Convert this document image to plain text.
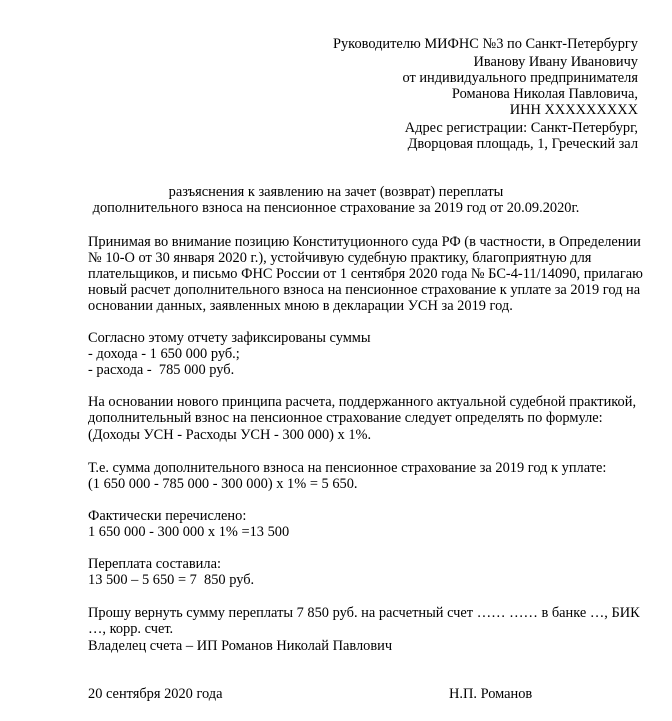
Руководителю МИФНС №3 по Санкт-Петербургу
Иванову Ивану Ивановичу
от индивидуального предпринимателя
Романова Николая Павловича,
ИНН XXXXXXXXX
Адрес регистрации: Санкт-Петербург,
Дворцовая площадь, 1, Греческий зал
разъяснения к заявлению на зачет (возврат) переплаты
дополнительного взноса на пенсионное страхование за 2019 год от 20.09.2020г.
Принимая во внимание позицию Конституционного суда РФ (в частности, в Определении
№ 10-О от 30 января 2020 г.), устойчивую судебную практику, благоприятную для
плательщиков, и письмо ФНС России от 1 сентября 2020 года № БС-4-11/14090, прилагаю
новый расчет дополнительного взноса на пенсионное страхование к уплате за 2019 год на
основании данных, заявленных мною в декларации УСН за 2019 год.
Согласно этому отчету зафиксированы суммы
- дохода - 1 650 000 руб.;
- расхода -  785 000 руб.
На основании нового принципа расчета, поддержанного актуальной судебной практикой,
дополнительный взнос на пенсионное страхование следует определять по формуле:
(Доходы УСН - Расходы УСН - 300 000) х 1%.
Т.е. сумма дополнительного взноса на пенсионное страхование за 2019 год к уплате:
(1 650 000 - 785 000 - 300 000) х 1% = 5 650.
Фактически перечислено:
1 650 000 - 300 000 х 1% =13 500
Переплата составила:
13 500 – 5 650 = 7  850 руб.
Прошу вернуть сумму переплаты 7 850 руб. на расчетный счет …… …… в банке …, БИК
…, корр. счет.
Владелец счета – ИП Романов Николай Павлович
20 сентября 2020 года	Н.П. Романов
